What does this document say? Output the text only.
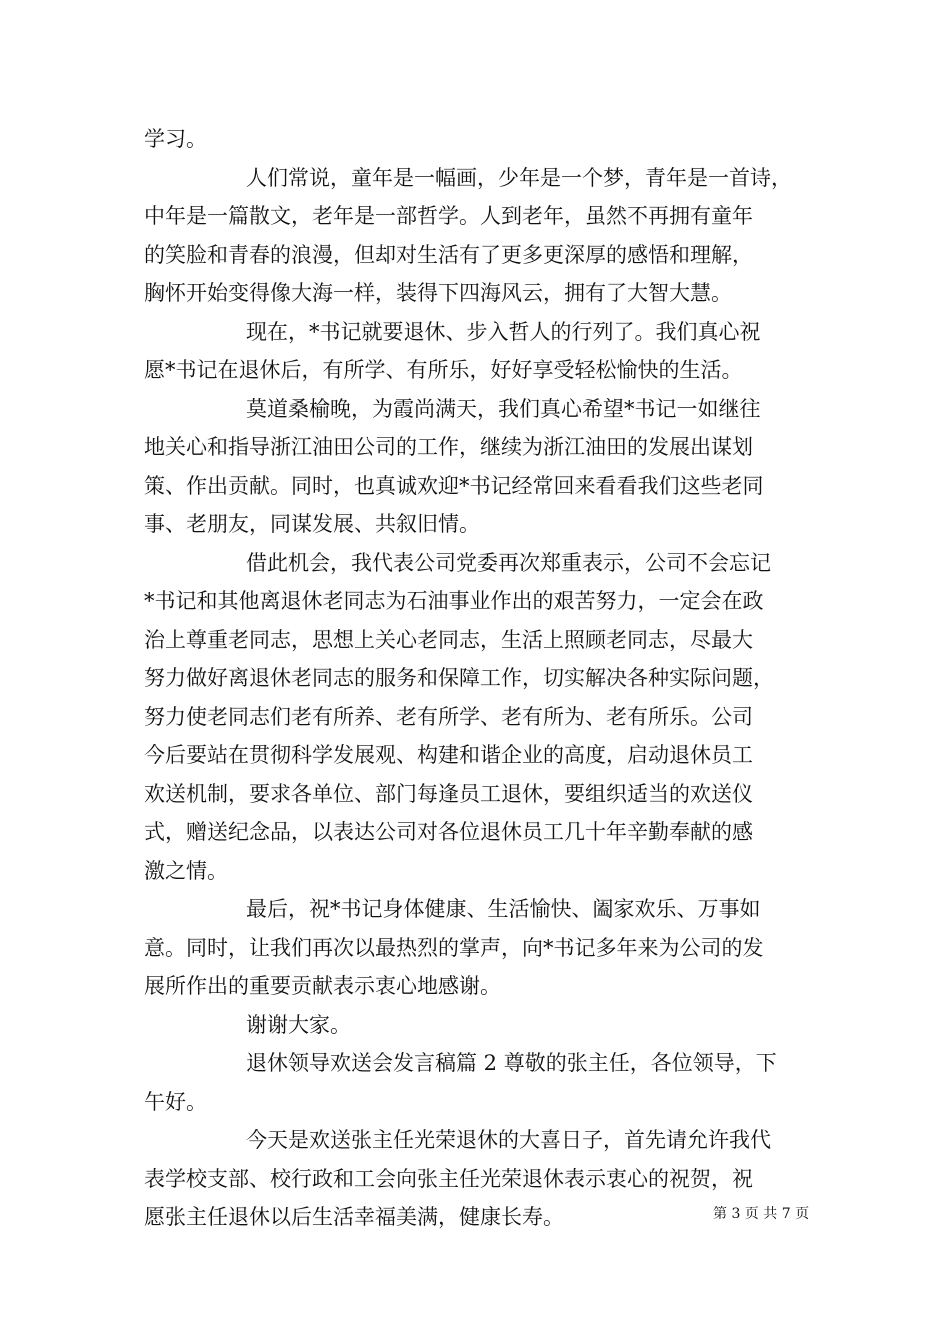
学习。
人们常说，童年是一幅画，少年是一个梦，青年是一首诗，
中年是一篇散文，老年是一部哲学。人到老年，虽然不再拥有童年
的笑脸和青春的浪漫，但却对生活有了更多更深厚的感悟和理解，
胸怀开始变得像大海一样，装得下四海风云，拥有了大智大慧。
现在，*书记就要退休、步入哲人的行列了。我们真心祝
愿*书记在退休后，有所学、有所乐，好好享受轻松愉快的生活。
莫道桑榆晚，为霞尚满天，我们真心希望*书记一如继往
地关心和指导浙江油田公司的工作，继续为浙江油田的发展出谋划
策、作出贡献。同时，也真诚欢迎*书记经常回来看看我们这些老同
事、老朋友，同谋发展、共叙旧情。
借此机会，我代表公司党委再次郑重表示，公司不会忘记
*书记和其他离退休老同志为石油事业作出的艰苦努力，一定会在政
治上尊重老同志，思想上关心老同志，生活上照顾老同志，尽最大
努力做好离退休老同志的服务和保障工作，切实解决各种实际问题，
努力使老同志们老有所养、老有所学、老有所为、老有所乐。公司
今后要站在贯彻科学发展观、构建和谐企业的高度，启动退休员工
欢送机制，要求各单位、部门每逢员工退休，要组织适当的欢送仪
式，赠送纪念品，以表达公司对各位退休员工几十年辛勤奉献的感
激之情。
最后，祝*书记身体健康、生活愉快、阖家欢乐、万事如
意。同时，让我们再次以最热烈的掌声，向*书记多年来为公司的发
展所作出的重要贡献表示衷心地感谢。
谢谢大家。
退休领导欢送会发言稿篇 2 尊敬的张主任，各位领导，下
午好。
今天是欢送张主任光荣退休的大喜日子，首先请允许我代
表学校支部、校行政和工会向张主任光荣退休表示衷心的祝贺，祝
愿张主任退休以后生活幸福美满，健康长寿。	第 3 页 共 7 页
